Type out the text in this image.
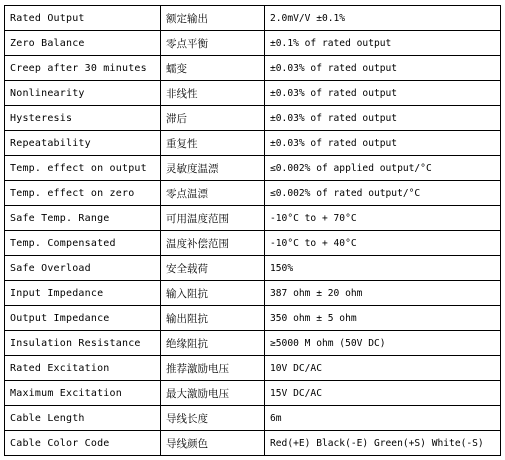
Rated Output	额定输出	2.0mV/V ±0.1%
Zero Balance	零点平衡	±0.1% of rated output
Creep after 30 minutes	蠕变	±0.03% of rated output
Nonlinearity	非线性	±0.03% of rated output
Hysteresis	滞后	±0.03% of rated output
Repeatability	重复性	±0.03% of rated output
Temp. effect on output	灵敏度温漂	≤0.002% of applied output/°C
Temp. effect on zero	零点温漂	≤0.002% of rated output/°C
Safe Temp. Range	可用温度范围	-10°C to + 70°C
Temp. Compensated	温度补偿范围	-10°C to + 40°C
Safe Overload	安全载荷	150%
Input Impedance	输入阻抗	387 ohm ± 20 ohm
Output Impedance	输出阻抗	350 ohm ± 5 ohm
Insulation Resistance	绝缘阻抗	≥5000 M ohm (50V DC)
Rated Excitation	推荐激励电压	10V DC/AC
Maximum Excitation	最大激励电压	15V DC/AC
Cable Length	导线长度	6m
Cable Color Code	导线颜色	Red(+E) Black(-E) Green(+S) White(-S)
